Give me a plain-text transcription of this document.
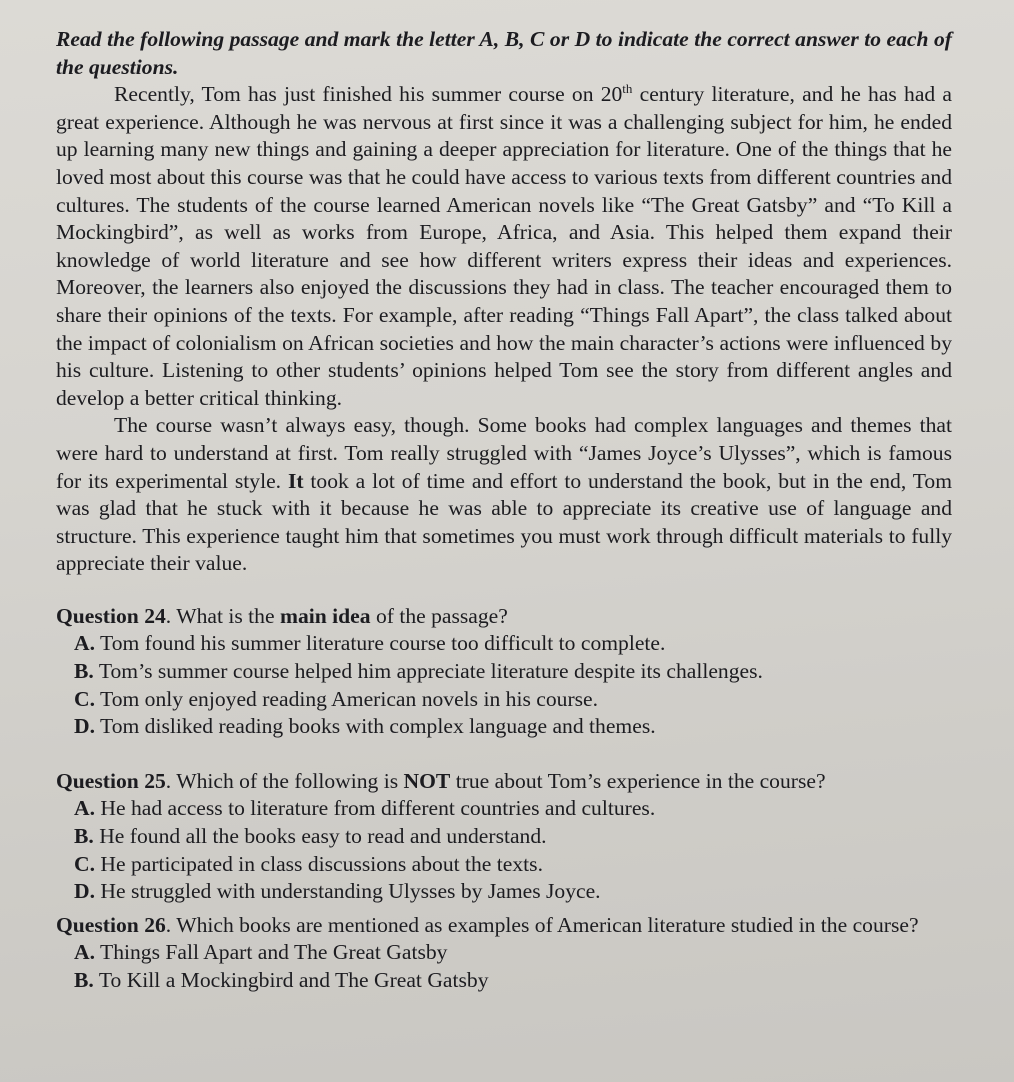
Read the following passage and mark the letter A, B, C or D to indicate the correct answer to each of the questions.

Recently, Tom has just finished his summer course on 20th century literature, and he has had a great experience. Although he was nervous at first since it was a challenging subject for him, he ended up learning many new things and gaining a deeper appreciation for literature. One of the things that he loved most about this course was that he could have access to various texts from different countries and cultures. The students of the course learned American novels like “The Great Gatsby” and “To Kill a Mockingbird”, as well as works from Europe, Africa, and Asia. This helped them expand their knowledge of world literature and see how different writers express their ideas and experiences. Moreover, the learners also enjoyed the discussions they had in class. The teacher encouraged them to share their opinions of the texts. For example, after reading “Things Fall Apart”, the class talked about the impact of colonialism on African societies and how the main character’s actions were influenced by his culture. Listening to other students’ opinions helped Tom see the story from different angles and develop a better critical thinking.

The course wasn’t always easy, though. Some books had complex languages and themes that were hard to understand at first. Tom really struggled with “James Joyce’s Ulysses”, which is famous for its experimental style. It took a lot of time and effort to understand the book, but in the end, Tom was glad that he stuck with it because he was able to appreciate its creative use of language and structure. This experience taught him that sometimes you must work through difficult materials to fully appreciate their value.

Question 24. What is the main idea of the passage?

A. Tom found his summer literature course too difficult to complete.

B. Tom’s summer course helped him appreciate literature despite its challenges.

C. Tom only enjoyed reading American novels in his course.

D. Tom disliked reading books with complex language and themes.

Question 25. Which of the following is NOT true about Tom’s experience in the course?

A. He had access to literature from different countries and cultures.

B. He found all the books easy to read and understand.

C. He participated in class discussions about the texts.

D. He struggled with understanding Ulysses by James Joyce.

Question 26. Which books are mentioned as examples of American literature studied in the course?

A. Things Fall Apart and The Great Gatsby

B. To Kill a Mockingbird and The Great Gatsby
